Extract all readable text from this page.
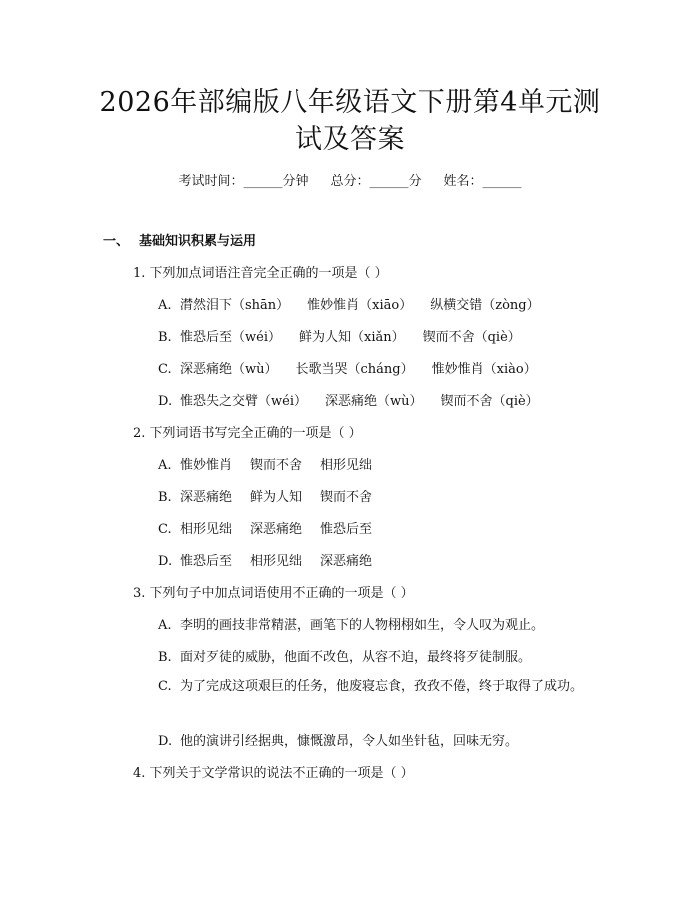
2026年部编版八年级语文下册第4单元测试及答案
考试时间：______分钟 总分：______分 姓名：______
一、 基础知识积累与运用
1. 下列加点词语注音完全正确的一项是（ ）
A. 潸然泪下（shān） 惟妙惟肖（xiāo） 纵横交错（zòng）
B. 惟恐后至（wéi） 鲜为人知（xiǎn） 锲而不舍（qiè）
C. 深恶痛绝（wù） 长歌当哭（cháng） 惟妙惟肖（xiào）
D. 惟恐失之交臂（wéi） 深恶痛绝（wù） 锲而不舍（qiè）
2. 下列词语书写完全正确的一项是（ ）
A. 惟妙惟肖 锲而不舍 相形见绌
B. 深恶痛绝 鲜为人知 锲而不舍
C. 相形见绌 深恶痛绝 惟恐后至
D. 惟恐后至 相形见绌 深恶痛绝
3. 下列句子中加点词语使用不正确的一项是（ ）
A. 李明的画技非常精湛，画笔下的人物栩栩如生，令人叹为观止。
B. 面对歹徒的威胁，他面不改色，从容不迫，最终将歹徒制服。
C. 为了完成这项艰巨的任务，他废寝忘食，孜孜不倦，终于取得了成功。
D. 他的演讲引经据典，慷慨激昂，令人如坐针毡，回味无穷。
4. 下列关于文学常识的说法不正确的一项是（ ）
